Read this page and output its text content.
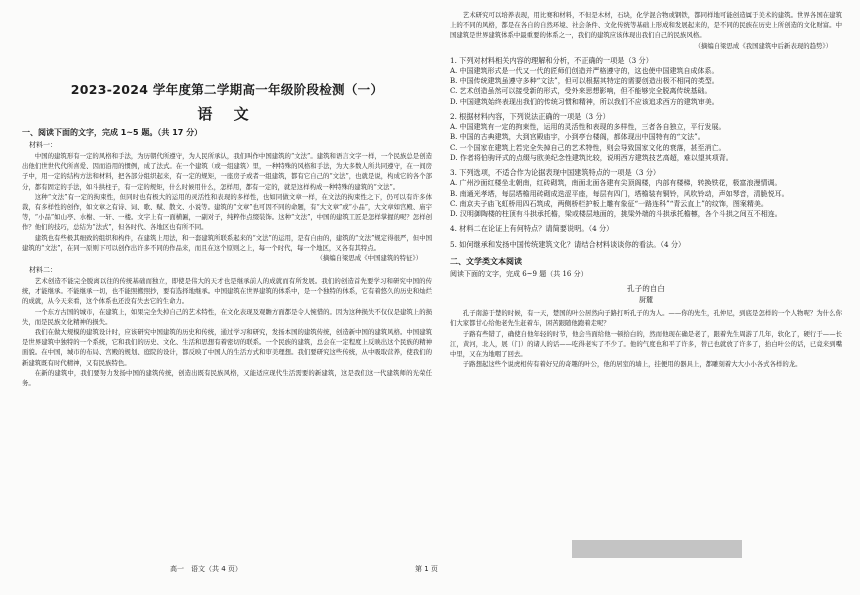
2023-2024 学年度第二学期高一年级阶段检测（一）
语 文
一、阅读下面的文字，完成 1~5 题。（共 17 分）
材料一：

中国的建筑形有一定的风格和手法，为历朝代所遵守，为人民所承认，我们叫作中国建筑的“文法”。建筑和语言文字一样，一个民族总是创造出他们世世代代所喜爱、因而沿用的惯例，成了法式。在一个建筑（或一组建筑）里，一种特殊的风格和手法，为大多数人所共同遵守，在一间房子中，用一定的结构方法和材料，把各部分组织起来，有一定的规矩，一座房子或者一组建筑，都有它自己的“文法”，也就是说，构成它的各个部分，都有固定的手法，如斗拱柱子，有一定的规矩，什么时候用什么，怎样用，都有一定的，就是这样构成一种特殊的建筑的“文法”。

这种“文法”有一定的拘束性，但同时也有极大的运用的灵活性和表现的多样性，也如同做文章一样，在文法的拘束性之下，仍可以有许多体裁，有多样性的创作，如文章之有诗、词、歌、赋、散文、小说等。建筑的“文章”也可因不同的命题，有“大文章”或“小品”，大文章如宫殿、庙宇等，“小品”如山亭、水榭、一轩、一楼。文字上有一面横匾，一副对子，纯粹作点缀装饰。这种“文法”，中国的建筑工匠是怎样掌握的呢？怎样创作？他们的技巧，总结为“法式”，但各时代、各地区也有所不同。

建筑也有些极其细致的组织和构件，在建筑上用法，和一套建筑所联系起来的“文法”的运用，是有自由的，建筑的“文法”规定得很严，但中国建筑的“文法”，在同一原则下可以创作出许多不同的作品来，而且在这个原则之上，每一个时代，每一个地区，又各有其特点。

（摘编自梁思成《中国建筑的特征》）
材料二：

艺术创造不能完全脱离以往的传统基础而独立，即使是伟大的天才也是继承前人的成就而有所发展。我们的创造首先要学习和研究中国的传统，才能继承。不能继承一切，也不能照搬照抄，要有选择地继承。中国建筑在世界建筑的体系中，是一个独特的体系，它有着悠久的历史和灿烂的成就，从今天来看，这个体系也还没有失去它的生命力。

一个东方古国的城市，在建筑上，如果完全失掉自己的艺术特性，在文化表现及观瞻方面都是令人惋惜的。因为这种损失不仅仅是建筑上的损失，而是民族文化精神的损失。

我们在做大规模的建筑设计时，应该研究中国建筑的历史和传统，通过学习和研究，发扬本国的建筑传统，创造新中国的建筑风格。中国建筑是世界建筑中独特的一个系统，它和我们的历史、文化、生活和思想有着密切的联系。一个民族的建筑，总会在一定程度上反映出这个民族的精神面貌。在中国，城市的布局、宫殿的规划、庭院的设计，都反映了中国人的生活方式和审美理想。我们要研究这些传统，从中吸取营养，使我们的新建筑既有时代精神，又有民族特色。

在新的建筑中，我们要努力发扬中国的建筑传统，创造出既有民族风格，又能适应现代生活需要的新建筑，这是我们这一代建筑师的光荣任务。

艺术研究可以培养表现，用比赛和材料，不但是木材，石块，化学混合物或钢铁，都同样地可能创造属于美术的建筑。世界各国在建筑上的不同的风格，都是在各自的自然环境、社会条件、文化传统等基础上形成和发展起来的，是不同的民族在历史上所创造的文化财富。中国建筑是世界建筑体系中最重要的体系之一，我们的建筑应该体现出我们自己的民族风格。

（摘编自梁思成《我国建筑中后新表现的趋势》）
1. 下列对材料相关内容的理解和分析，不正确的一项是（3 分）
A. 中国建筑形式是一代又一代的匠师们创造并严格遵守的，这也使中国建筑自成体系。
B. 中国传统建筑虽遵守多种“文法”，但可以根据其特定的需要创造出极不相同的类型。
C. 艺术创造虽然可以接受新的形式，受外来思想影响，但不能够完全脱离传统基础。
D. 中国建筑始终表现出我们的传统习惯和精神，所以我们不应该追求西方的建筑审美。
2. 根据材料内容，下列说法正确的一项是（3 分）
A. 中国建筑有一定的拘束性，运用的灵活性和表现的多样性，三者各自独立，平行发展。
B. 中国的古典建筑，大到宫殿庙宇，小到亭台楼阁，都体现出中国特有的“文法”。
C. 一个国家在建筑上若完全失掉自己的艺术特性，则会导致国家文化的衰落，甚至消亡。
D. 作者将伯驹评式的点缀与欧美纪念性建筑比较，说明西方建筑技艺高超，难以望其项背。
3. 下列选项，不适合作为论据表现中国建筑特点的一项是（3 分）
A. 广州沙面红楼坐北朝南，红砖砌筑，南面北面各建有尖顶阁楼，内部有楼梯，转换铁花，极富浪漫情调。
B. 南通光孝塔，每层塔檐用砖砌成迭涩平座，每层有四门，塔檐装有铜铃，风吹铃动，声如琴音，清脆悦耳。
C. 南京夫子庙飞虹桥用四石筑成，两侧桥栏护板上雕有象征“一路连科”“青云直上”的纹饰，图案精美。
D. 汉明御陶楼的柱顶有斗拱承托檐，梁或楼层地面的，挑梁外端的斗拱承托檐檩，各个斗拱之间互不相连。
4. 材料二在论证上有何特点？请简要说明。（4 分）
5. 如何继承和发扬中国传统建筑文化？请结合材料谈谈你的看法。（4 分）
二、文学类文本阅读
阅读下面的文字，完成 6~9 题（共 16 分）
孔子的自白
厨麓

孔子南游于楚的时候，有一天，楚国的叶公居然向子路打听孔子的为人。——你的先生，孔仲尼，到底是怎样的一个人物呢？为什么你们大家都甘心给他老先生赶着车，困苦跟随他跑着走呢？

子路有些错了，确使自他年轻的时节，他会当面给他一顿拾白的，然而他现在确是老了，跟着先生周游了几年，软化了，硬行于——长江，黄河，北人，展（门）的诸人的话——吃得老实了不少了。他的气度也和平了许多，替已也就放了许多了，抬白叶公的话，已竟来到嘴中里，又在为地咽了回去。

子路想起这些个说虎相传有着好兄的奇趣的叶公，他的居室的墙上，挂便用的器具上，都雕刻着大大小小各式各样的龙。

高一　语文（共 4 页）	第 1 页
